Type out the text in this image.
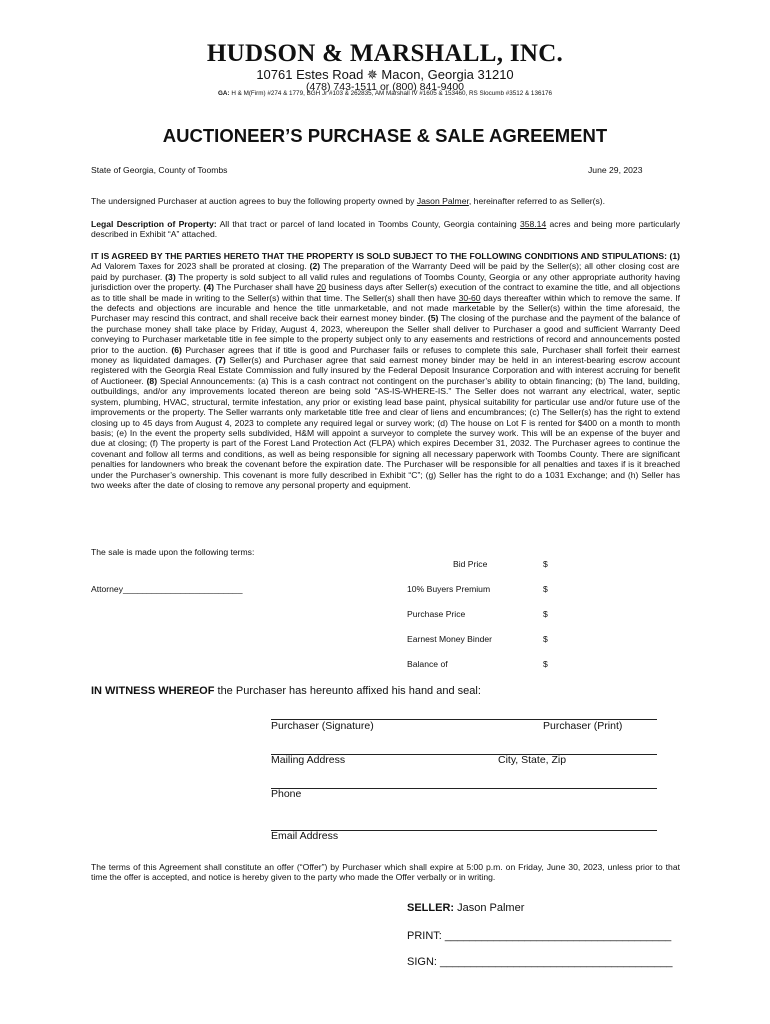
HUDSON & MARSHALL, INC.
10761 Estes Road ✵ Macon, Georgia 31210
(478) 743-1511 or (800) 841-9400
GA: H & M(Firm) #274 & 1779, BGH Jr #103 & 262835, AM Marshall IV #1605 & 153460, RS Slocumb #3512 & 136176
AUCTIONEER’S PURCHASE & SALE AGREEMENT
State of Georgia, County of Toombs	June 29, 2023
The undersigned Purchaser at auction agrees to buy the following property owned by Jason Palmer, hereinafter referred to as Seller(s).
Legal Description of Property: All that tract or parcel of land located in Toombs County, Georgia containing 358.14 acres and being more particularly described in Exhibit “A” attached.
IT IS AGREED BY THE PARTIES HERETO THAT THE PROPERTY IS SOLD SUBJECT TO THE FOLLOWING CONDITIONS AND STIPULATIONS: (1) Ad Valorem Taxes for 2023 shall be prorated at closing. (2) The preparation of the Warranty Deed will be paid by the Seller(s); all other closing cost are paid by purchaser. (3) The property is sold subject to all valid rules and regulations of Toombs County, Georgia or any other appropriate authority having jurisdiction over the property. (4) The Purchaser shall have 20 business days after Seller(s) execution of the contract to examine the title, and all objections as to title shall be made in writing to the Seller(s) within that time. The Seller(s) shall then have 30-60 days thereafter within which to remove the same. If the defects and objections are incurable and hence the title unmarketable, and not made marketable by the Seller(s) within the time aforesaid, the Purchaser may rescind this contract, and shall receive back their earnest money binder. (5) The closing of the purchase and the payment of the balance of the purchase money shall take place by Friday, August 4, 2023, whereupon the Seller shall deliver to Purchaser a good and sufficient Warranty Deed conveying to Purchaser marketable title in fee simple to the property subject only to any easements and restrictions of record and announcements posted prior to the auction. (6) Purchaser agrees that if title is good and Purchaser fails or refuses to complete this sale, Purchaser shall forfeit their earnest money as liquidated damages. (7) Seller(s) and Purchaser agree that said earnest money binder may be held in an interest-bearing escrow account registered with the Georgia Real Estate Commission and fully insured by the Federal Deposit Insurance Corporation and with interest accruing for benefit of Auctioneer. (8) Special Announcements: (a) This is a cash contract not contingent on the purchaser’s ability to obtain financing; (b) The land, building, outbuildings, and/or any improvements located thereon are being sold "AS-IS-WHERE-IS." The Seller does not warrant any electrical, water, septic system, plumbing, HVAC, structural, termite infestation, any prior or existing lead base paint, physical suitability for particular use and/or future use of the improvements or the property. The Seller warrants only marketable title free and clear of liens and encumbrances; (c) The Seller(s) has the right to extend closing up to 45 days from August 4, 2023 to complete any required legal or survey work; (d) The house on Lot F is rented for $400 on a month to month basis; (e) In the event the property sells subdivided, H&M will appoint a surveyor to complete the survey work. This will be an expense of the buyer and due at closing; (f) The property is part of the Forest Land Protection Act (FLPA) which expires December 31, 2032. The Purchaser agrees to continue the covenant and follow all terms and conditions, as well as being responsible for signing all necessary paperwork with Toombs County. There are significant penalties for landowners who break the covenant before the expiration date. The Purchaser will be responsible for all penalties and taxes if is it breached under the Purchaser’s ownership. This covenant is more fully described in Exhibit “C”; (g) Seller has the right to do a 1031 Exchange; and (h) Seller has two weeks after the date of closing to remove any personal property and equipment.
The sale is made upon the following terms:
Attorney_________________________
Bid Price	$
10% Buyers Premium	$
Purchase Price	$
Earnest Money Binder	$
Balance of	$
IN WITNESS WHEREOF the Purchaser has hereunto affixed his hand and seal:
Purchaser (Signature)	Purchaser (Print)
Mailing Address	City, State, Zip
Phone
Email Address
The terms of this Agreement shall constitute an offer (“Offer”) by Purchaser which shall expire at 5:00 p.m. on Friday, June 30, 2023, unless prior to that time the offer is accepted, and notice is hereby given to the party who made the Offer verbally or in writing.
SELLER: Jason Palmer
PRINT: _____________________________________
SIGN: ______________________________________
